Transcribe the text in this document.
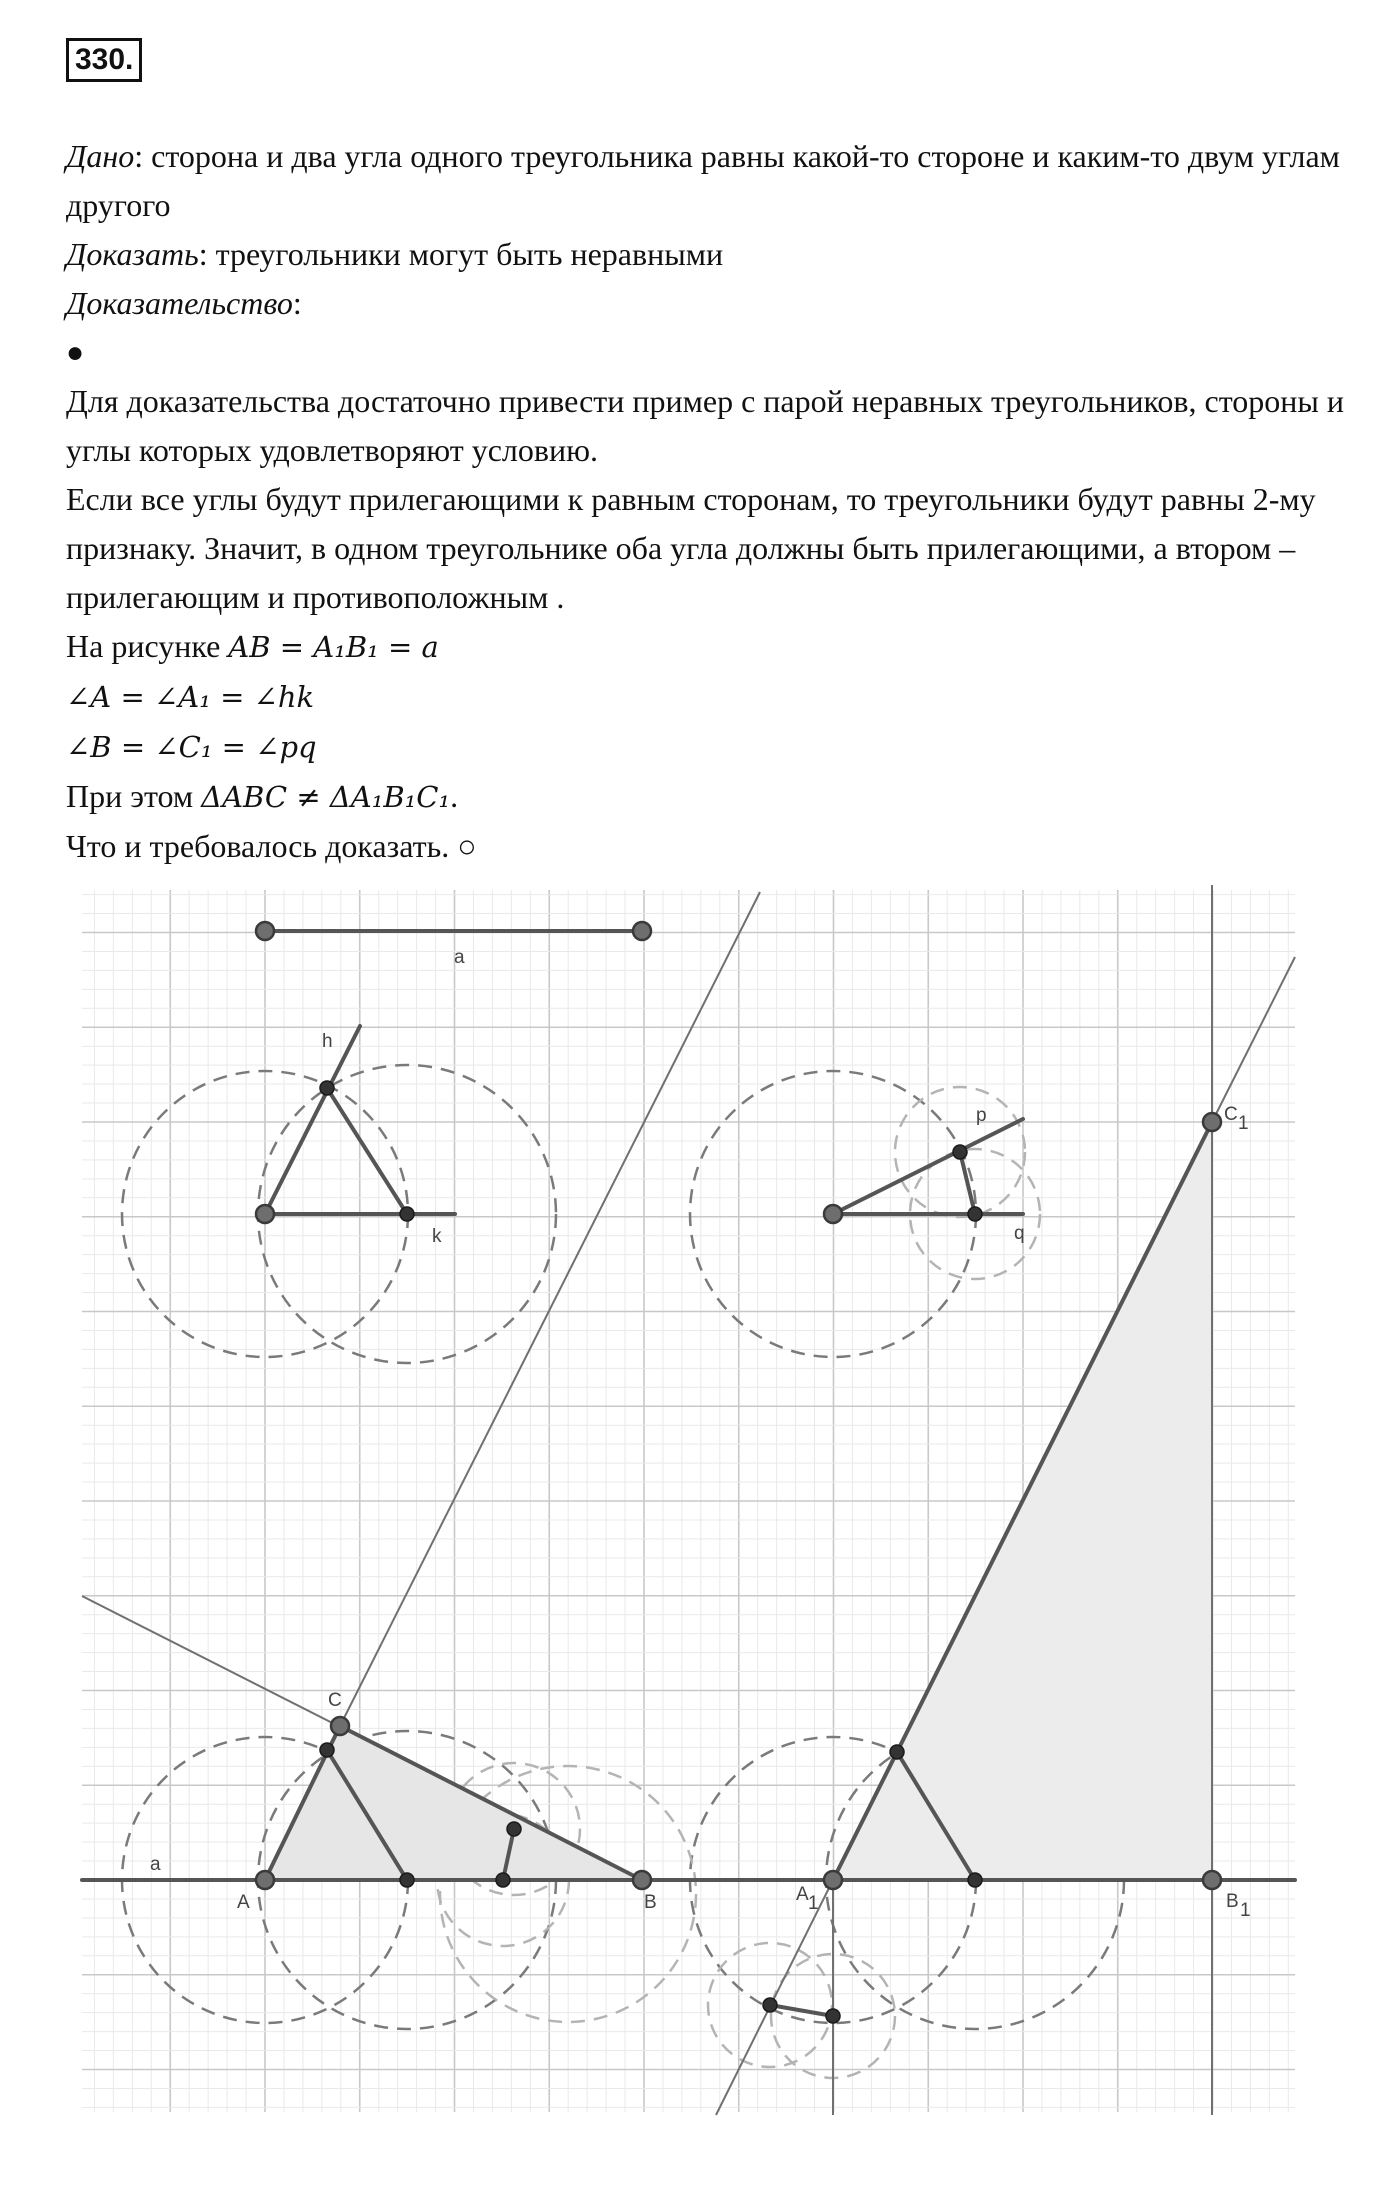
330.

Дано: сторона и два угла одного треугольника равны какой-то стороне и каким-то двум углам другого

Доказать: треугольники могут быть неравными

Доказательство:

●

Для доказательства достаточно привести пример с парой неравных треугольников, стороны и углы которых удовлетворяют условию.

Если все углы будут прилегающими к равным сторонам, то треугольники будут равны 2-му признаку. Значит, в одном треугольнике оба угла должны быть прилегающими, а втором – прилегающим и противоположным .

На рисунке AB = A₁B₁ = a

∠A = ∠A₁ = ∠hk

∠B = ∠C₁ = ∠pq

При этом ΔABC ≠ ΔA₁B₁C₁.

Что и требовалось доказать. ○

a
h
k
p
q
a
A	B
C
A 1	B 1
C 1
